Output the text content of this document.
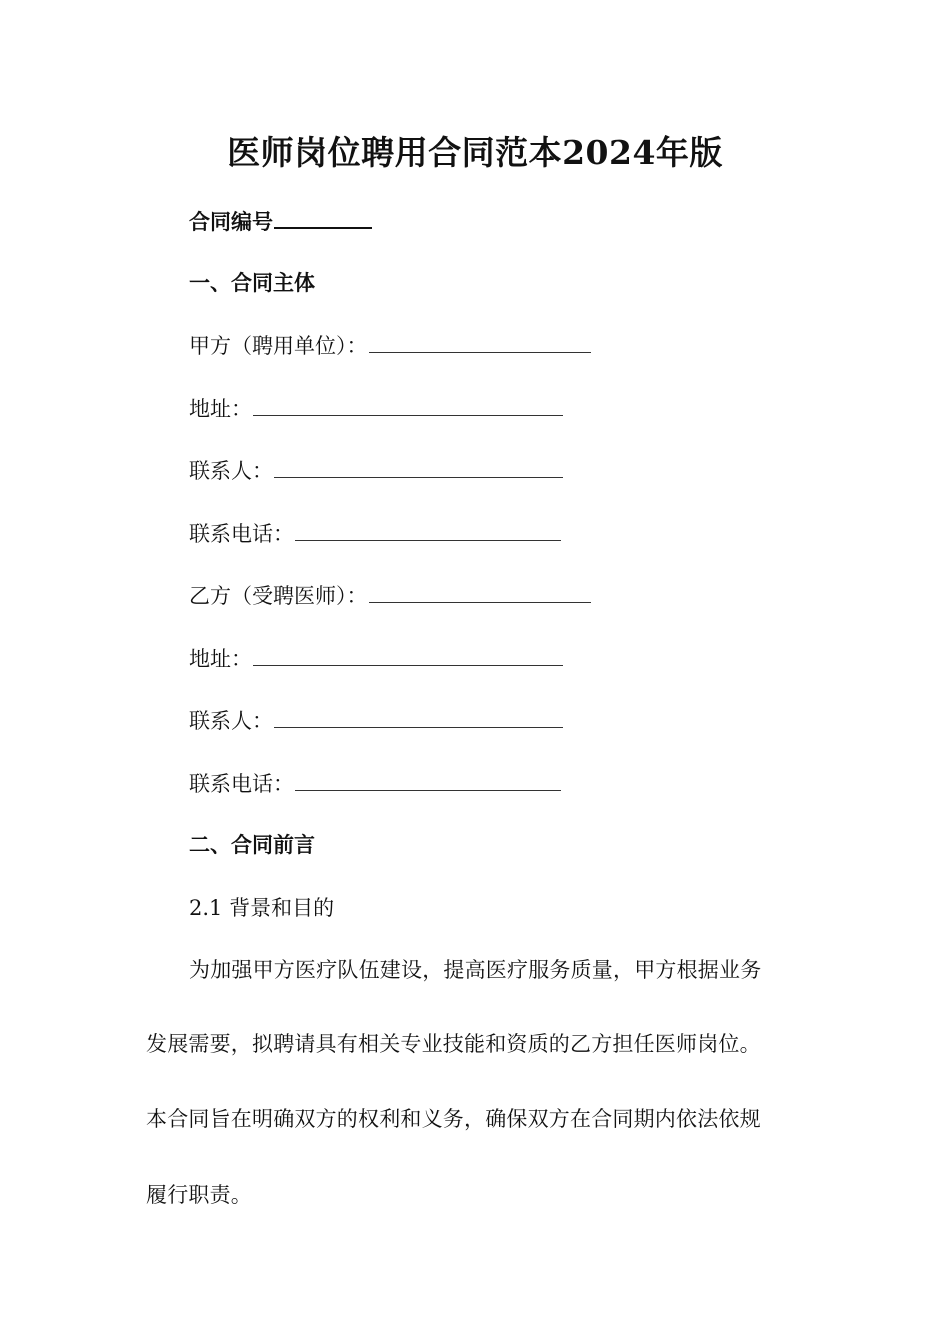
医师岗位聘用合同范本2024年版
合同编号
一、合同主体
甲方（聘用单位）：
地址：
联系人：
联系电话：
乙方（受聘医师）：
地址：
联系人：
联系电话：
二、合同前言
2.1 背景和目的
为加强甲方医疗队伍建设，提高医疗服务质量，甲方根据业务
发展需要，拟聘请具有相关专业技能和资质的乙方担任医师岗位。
本合同旨在明确双方的权利和义务，确保双方在合同期内依法依规
履行职责。
